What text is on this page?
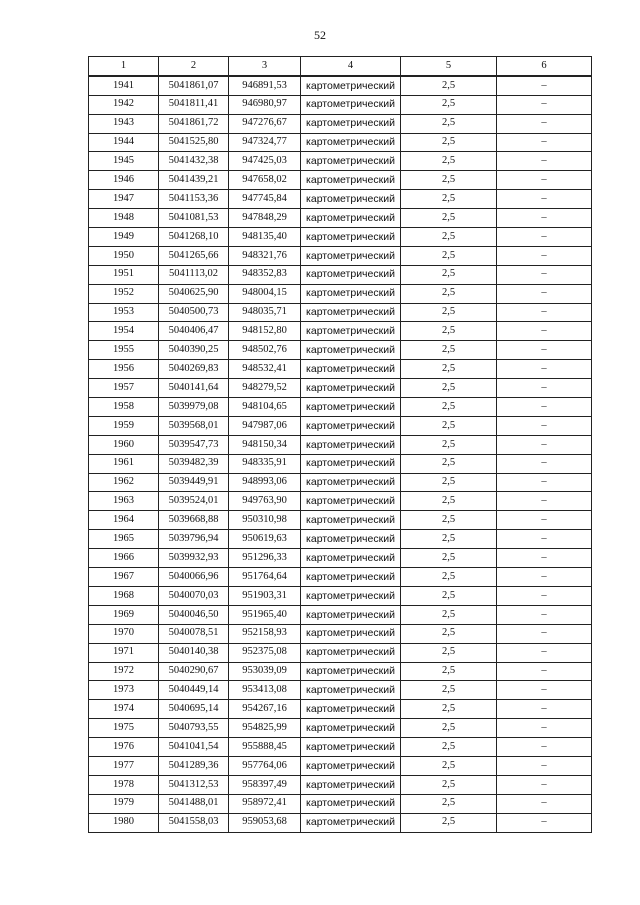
52
1	2	3	4	5	6
1941	5041861,07	946891,53	картометрический	2,5	–
1942	5041811,41	946980,97	картометрический	2,5	–
1943	5041861,72	947276,67	картометрический	2,5	–
1944	5041525,80	947324,77	картометрический	2,5	–
1945	5041432,38	947425,03	картометрический	2,5	–
1946	5041439,21	947658,02	картометрический	2,5	–
1947	5041153,36	947745,84	картометрический	2,5	–
1948	5041081,53	947848,29	картометрический	2,5	–
1949	5041268,10	948135,40	картометрический	2,5	–
1950	5041265,66	948321,76	картометрический	2,5	–
1951	5041113,02	948352,83	картометрический	2,5	–
1952	5040625,90	948004,15	картометрический	2,5	–
1953	5040500,73	948035,71	картометрический	2,5	–
1954	5040406,47	948152,80	картометрический	2,5	–
1955	5040390,25	948502,76	картометрический	2,5	–
1956	5040269,83	948532,41	картометрический	2,5	–
1957	5040141,64	948279,52	картометрический	2,5	–
1958	5039979,08	948104,65	картометрический	2,5	–
1959	5039568,01	947987,06	картометрический	2,5	–
1960	5039547,73	948150,34	картометрический	2,5	–
1961	5039482,39	948335,91	картометрический	2,5	–
1962	5039449,91	948993,06	картометрический	2,5	–
1963	5039524,01	949763,90	картометрический	2,5	–
1964	5039668,88	950310,98	картометрический	2,5	–
1965	5039796,94	950619,63	картометрический	2,5	–
1966	5039932,93	951296,33	картометрический	2,5	–
1967	5040066,96	951764,64	картометрический	2,5	–
1968	5040070,03	951903,31	картометрический	2,5	–
1969	5040046,50	951965,40	картометрический	2,5	–
1970	5040078,51	952158,93	картометрический	2,5	–
1971	5040140,38	952375,08	картометрический	2,5	–
1972	5040290,67	953039,09	картометрический	2,5	–
1973	5040449,14	953413,08	картометрический	2,5	–
1974	5040695,14	954267,16	картометрический	2,5	–
1975	5040793,55	954825,99	картометрический	2,5	–
1976	5041041,54	955888,45	картометрический	2,5	–
1977	5041289,36	957764,06	картометрический	2,5	–
1978	5041312,53	958397,49	картометрический	2,5	–
1979	5041488,01	958972,41	картометрический	2,5	–
1980	5041558,03	959053,68	картометрический	2,5	–
